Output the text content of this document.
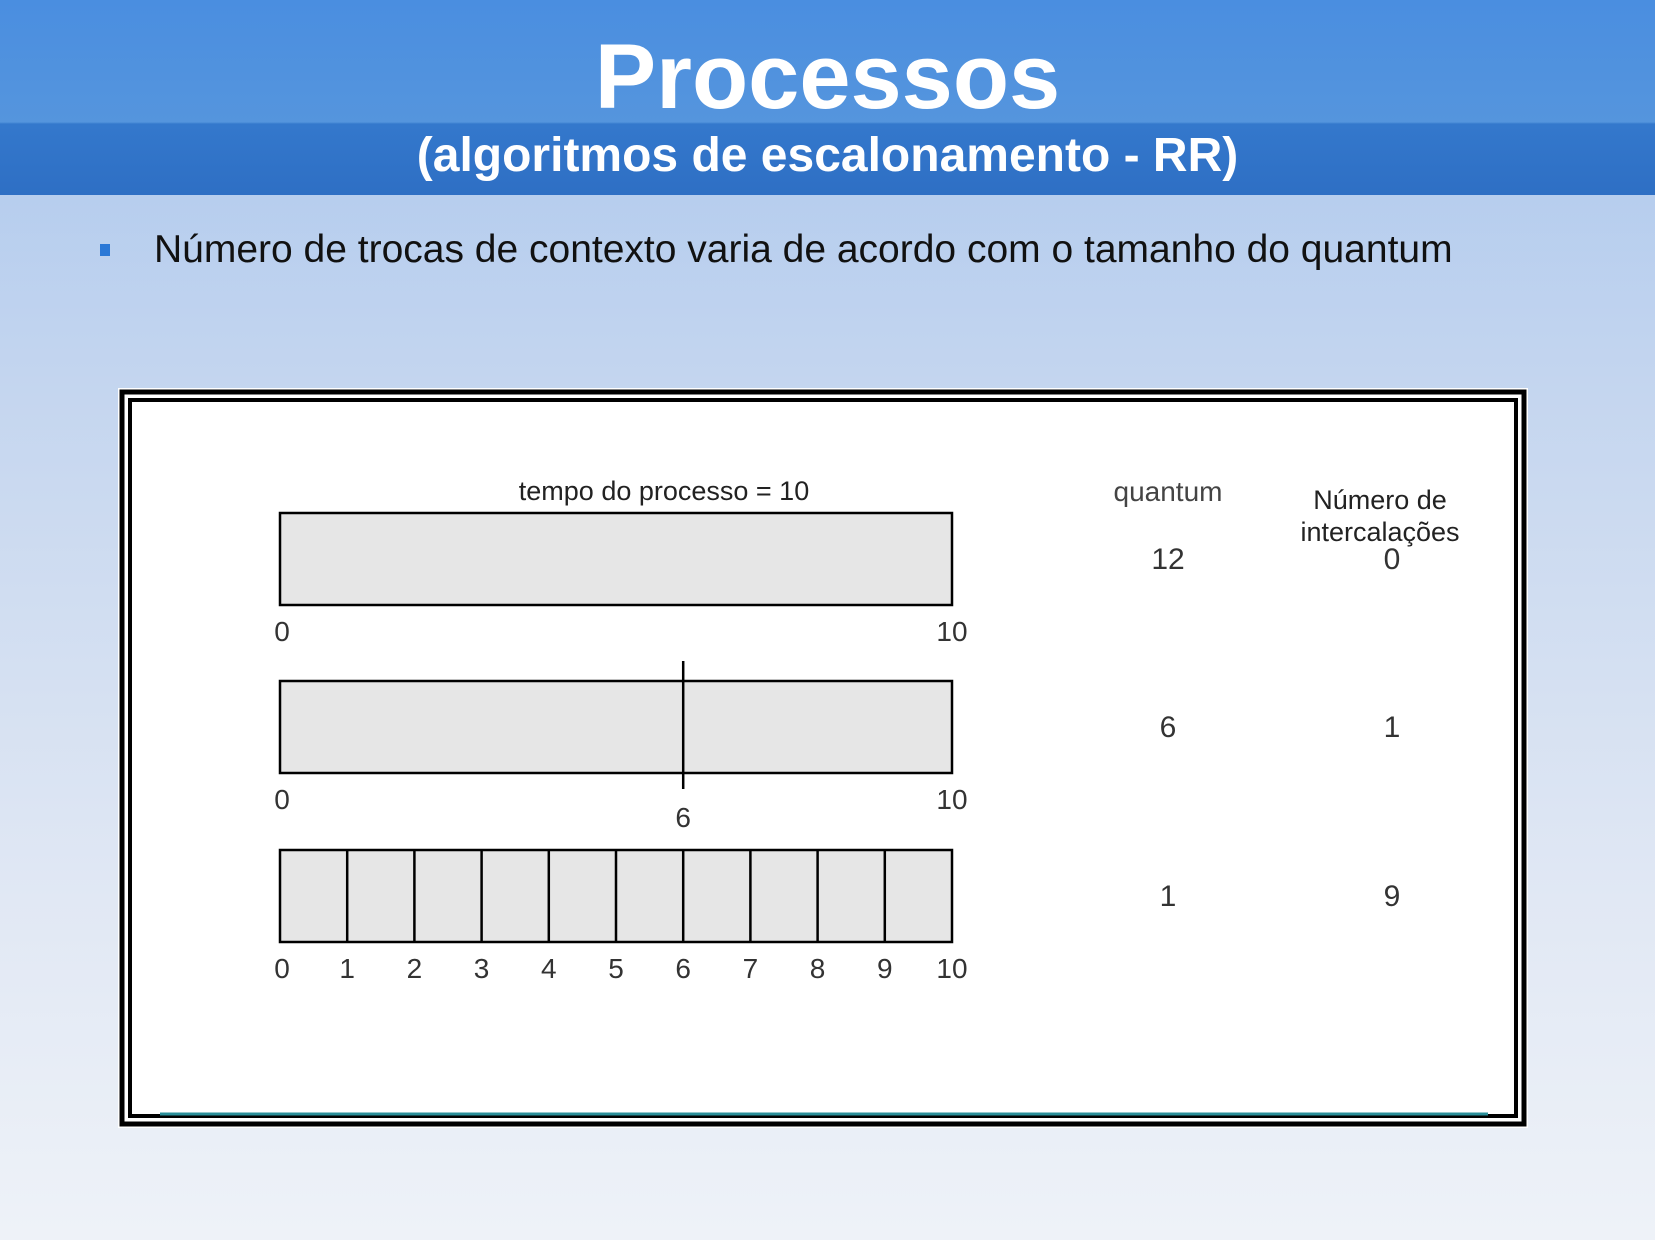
Processos
(algoritmos de escalonamento - RR)
Número de trocas de contexto varia de acordo com o tamanho do quantum
tempo do processo = 10	quantum	Número de
intercalações
0	10
12	0
0
6
10
6	1
0 1 2 3 4 5 6 7 8 9 10
1	9
